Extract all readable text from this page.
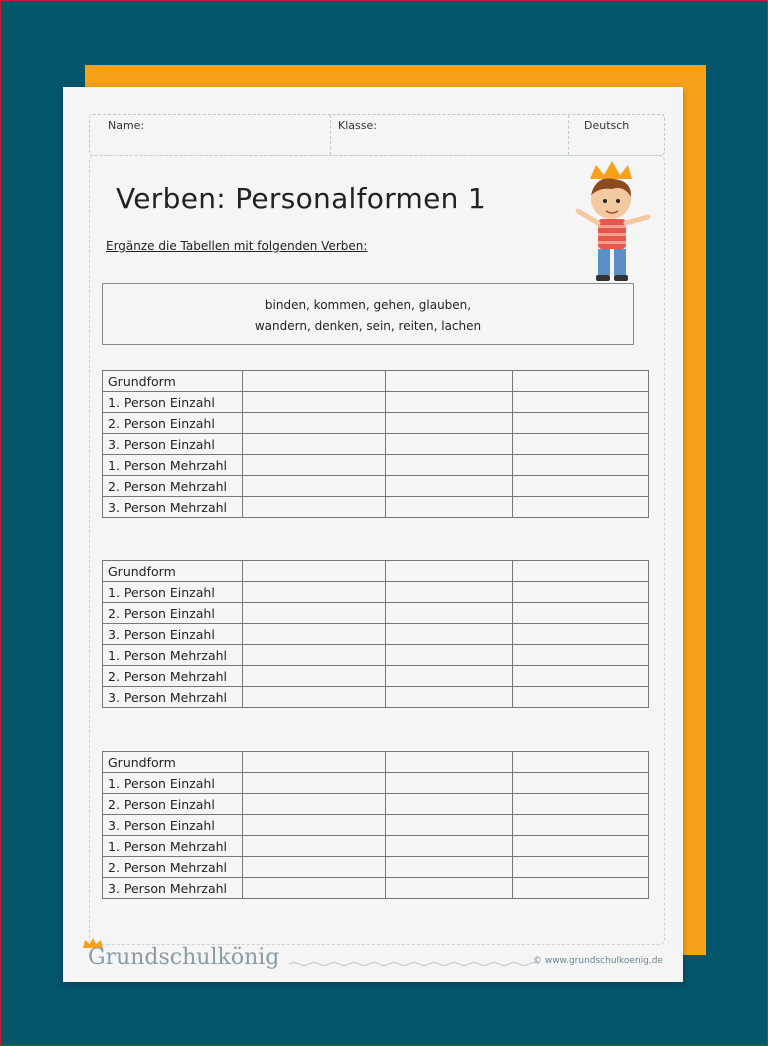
Name:	Klasse:	Deutsch
Verben: Personalformen 1
Ergänze die Tabellen mit folgenden Verben:
binden, kommen, gehen, glauben,
wandern, denken, sein, reiten, lachen
Grundform			
1. Person Einzahl			
2. Person Einzahl			
3. Person Einzahl			
1. Person Mehrzahl			
2. Person Mehrzahl			
3. Person Mehrzahl			
Grundform			
1. Person Einzahl			
2. Person Einzahl			
3. Person Einzahl			
1. Person Mehrzahl			
2. Person Mehrzahl			
3. Person Mehrzahl			
Grundform			
1. Person Einzahl			
2. Person Einzahl			
3. Person Einzahl			
1. Person Mehrzahl			
2. Person Mehrzahl			
3. Person Mehrzahl			
Grundschulkönig	© www.grundschulkoenig.de
